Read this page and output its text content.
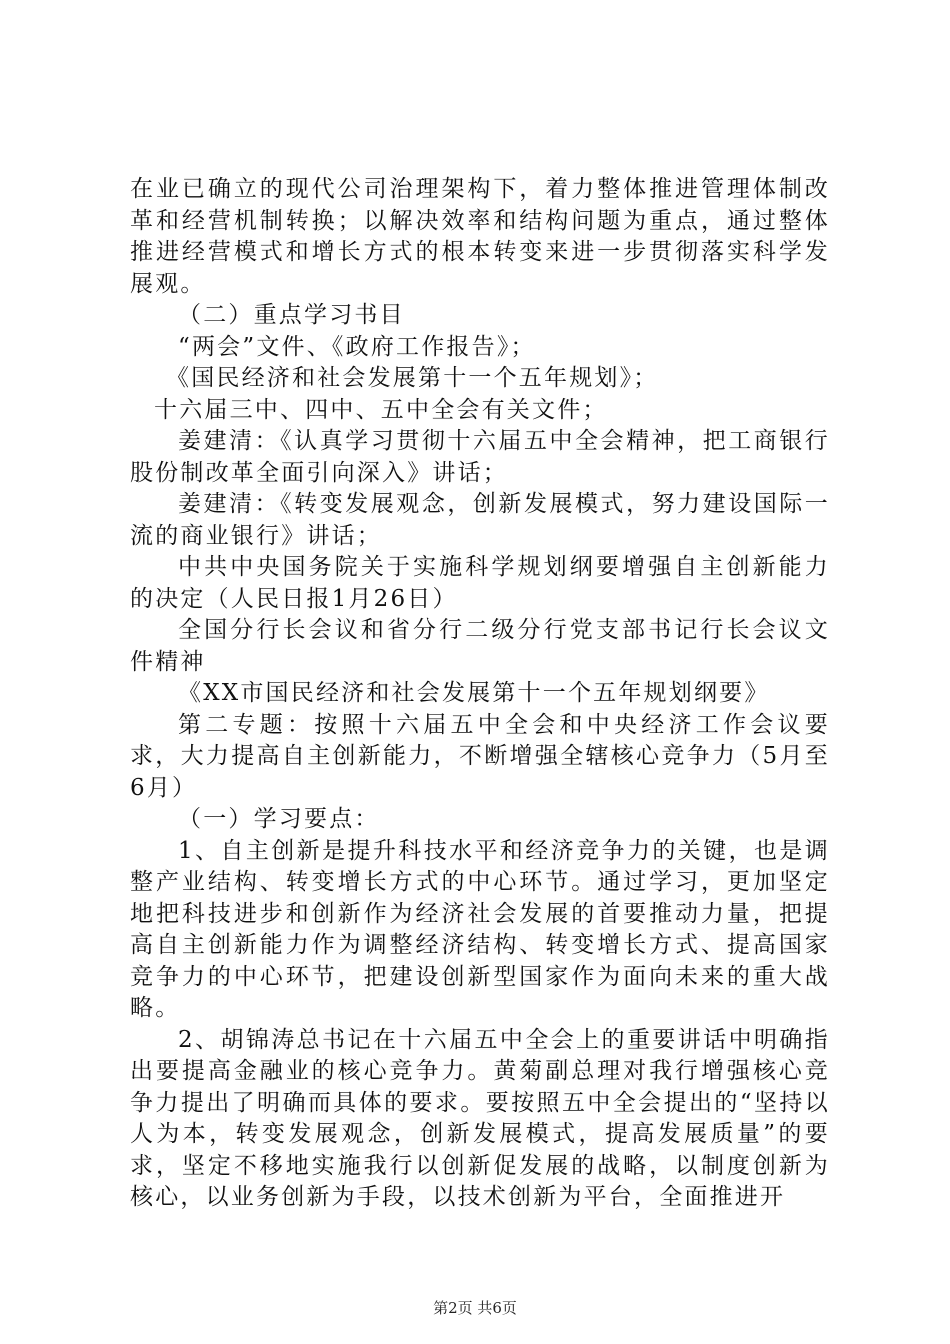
在业已确立的现代公司治理架构下，着力整体推进管理体制改革和经营机制转换；以解决效率和结构问题为重点，通过整体推进经营模式和增长方式的根本转变来进一步贯彻落实科学发展观。

（二）重点学习书目

“两会”文件、《政府工作报告》；

《国民经济和社会发展第十一个五年规划》；

十六届三中、四中、五中全会有关文件；

姜建清：《认真学习贯彻十六届五中全会精神，把工商银行股份制改革全面引向深入》讲话；

姜建清：《转变发展观念，创新发展模式，努力建设国际一流的商业银行》讲话；

中共中央国务院关于实施科学规划纲要增强自主创新能力的决定（人民日报1月26日）

全国分行长会议和省分行二级分行党支部书记行长会议文件精神

《XX市国民经济和社会发展第十一个五年规划纲要》

第二专题：按照十六届五中全会和中央经济工作会议要求，大力提高自主创新能力，不断增强全辖核心竞争力（5月至6月）

（一）学习要点：

1、自主创新是提升科技水平和经济竞争力的关键，也是调整产业结构、转变增长方式的中心环节。通过学习，更加坚定地把科技进步和创新作为经济社会发展的首要推动力量，把提高自主创新能力作为调整经济结构、转变增长方式、提高国家竞争力的中心环节，把建设创新型国家作为面向未来的重大战略。

2、胡锦涛总书记在十六届五中全会上的重要讲话中明确指出要提高金融业的核心竞争力。黄菊副总理对我行增强核心竞争力提出了明确而具体的要求。要按照五中全会提出的“坚持以人为本，转变发展观念，创新发展模式，提高发展质量”的要求，坚定不移地实施我行以创新促发展的战略，以制度创新为核心，以业务创新为手段，以技术创新为平台，全面推进开

第2页 共6页
